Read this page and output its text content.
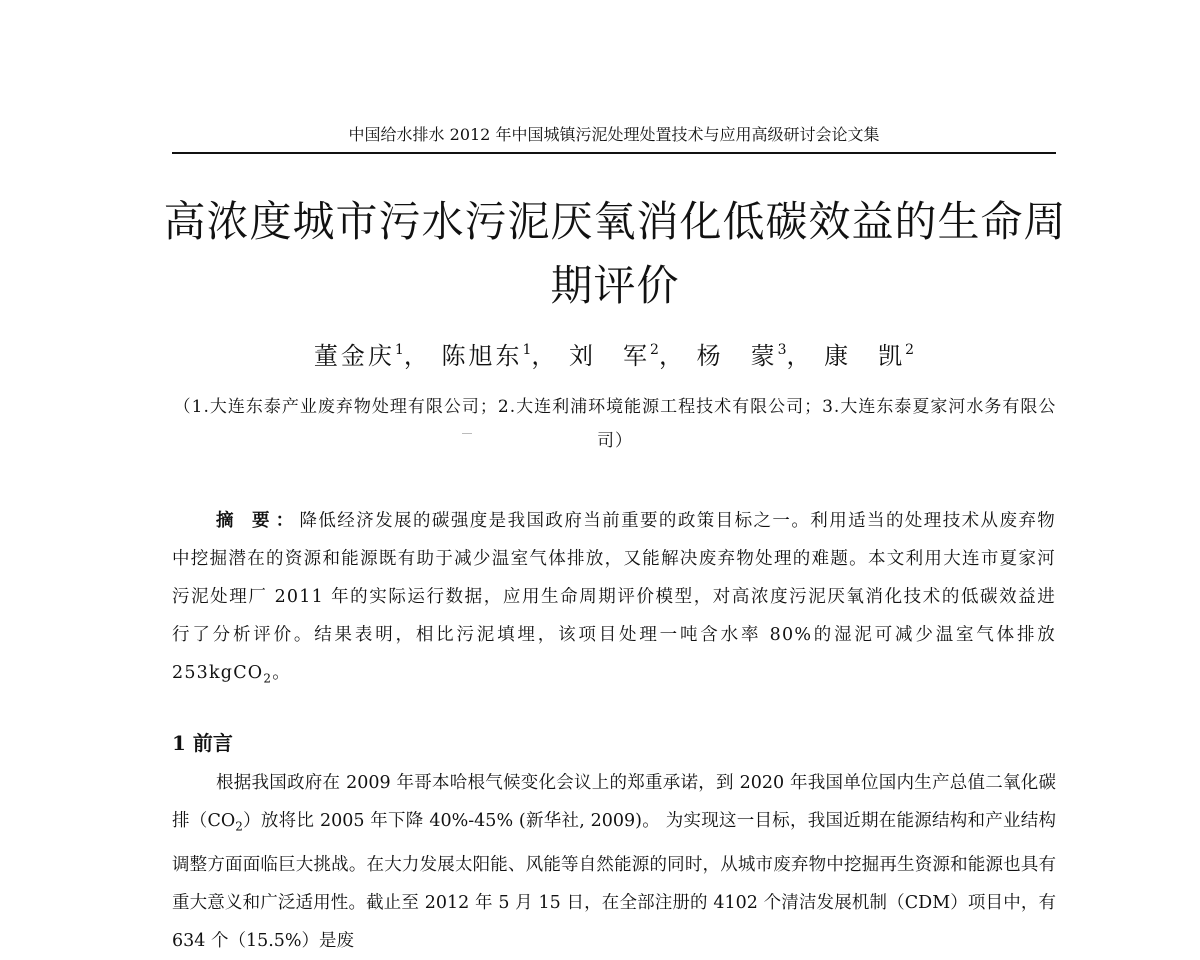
中国给水排水 2012 年中国城镇污泥处理处置技术与应用高级研讨会论文集
高浓度城市污水污泥厌氧消化低碳效益的生命周期评价
董金庆$^1$， 陈旭东$^1$， 刘　军$^2$， 杨　蒙$^3$， 康　凯$^2$
（1.大连东泰产业废弃物处理有限公司；2.大连利浦环境能源工程技术有限公司；3.大连东泰夏家河水务有限公司）

摘 要：降低经济发展的碳强度是我国政府当前重要的政策目标之一。利用适当的处理技术从废弃物中挖掘潜在的资源和能源既有助于减少温室气体排放，又能解决废弃物处理的难题。本文利用大连市夏家河污泥处理厂 2011 年的实际运行数据，应用生命周期评价模型，对高浓度污泥厌氧消化技术的低碳效益进行了分析评价。结果表明，相比污泥填埋，该项目处理一吨含水率 80%的湿泥可减少温室气体排放 253kgCO$_2$。

1 前言

根据我国政府在 2009 年哥本哈根气候变化会议上的郑重承诺，到 2020 年我国单位国内生产总值二氧化碳排$(CO_2)$放将比 2005 年下降 40%-45% (新华社, 2009)。 为实现这一目标，我国近期在能源结构和产业结构调整方面面临巨大挑战。在大力发展太阳能、风能等自然能源的同时，从城市废弃物中挖掘再生资源和能源也具有重大意义和广泛适用性。截止至 2012 年 5 月 15 日，在全部注册的 4102 个清洁发展机制（CDM）项目中，有 634 个（15.5%）是废
